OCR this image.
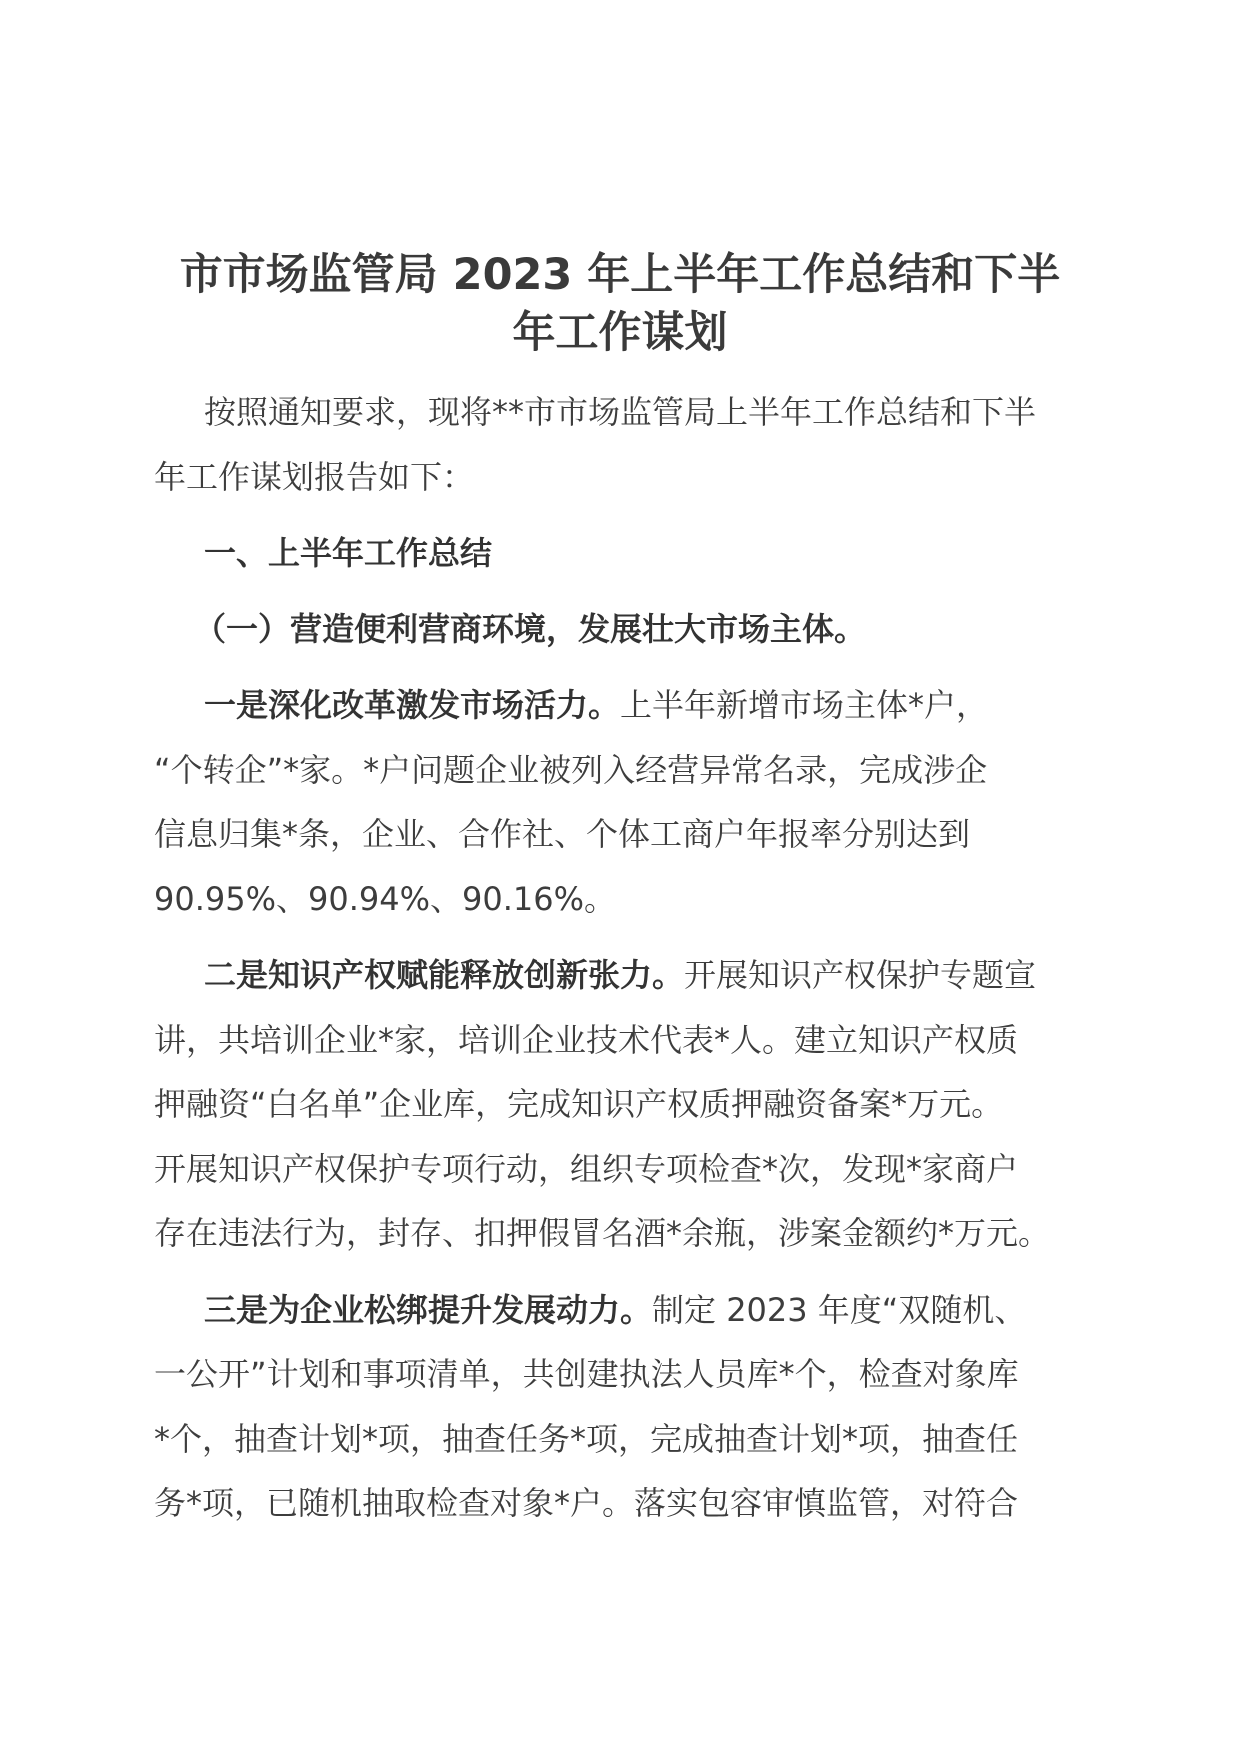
市市场监管局 2023 年上半年工作总结和下半
年工作谋划
按照通知要求，现将**市市场监管局上半年工作总结和下半
年工作谋划报告如下：
一、上半年工作总结
（一）营造便利营商环境，发展壮大市场主体。
一是深化改革激发市场活力。上半年新增市场主体*户，
“个转企”*家。*户问题企业被列入经营异常名录，完成涉企
信息归集*条，企业、合作社、个体工商户年报率分别达到
90.95%、90.94%、90.16%。
二是知识产权赋能释放创新张力。开展知识产权保护专题宣
讲，共培训企业*家，培训企业技术代表*人。建立知识产权质
押融资“白名单”企业库，完成知识产权质押融资备案*万元。
开展知识产权保护专项行动，组织专项检查*次，发现*家商户
存在违法行为，封存、扣押假冒名酒*余瓶，涉案金额约*万元。
三是为企业松绑提升发展动力。制定 2023 年度“双随机、
一公开”计划和事项清单，共创建执法人员库*个，检查对象库
*个，抽查计划*项，抽查任务*项，完成抽查计划*项，抽查任
务*项，已随机抽取检查对象*户。落实包容审慎监管，对符合
